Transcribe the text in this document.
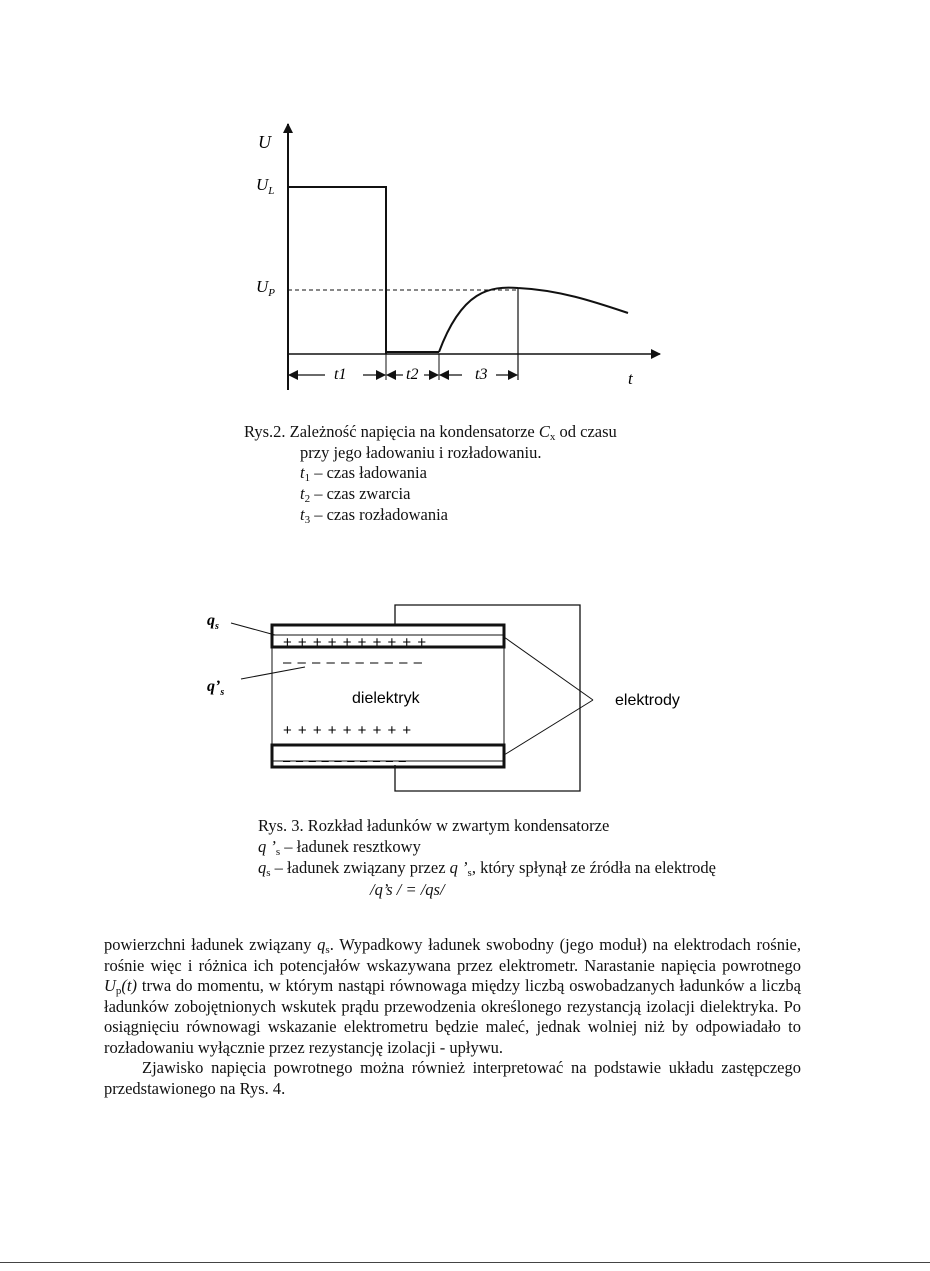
U
$U_L$
$U_P$
t1	t2	t3	t
Rys.2. Zależność napięcia na kondensatorze $C_x$ od czasu
przy jego ładowaniu i rozładowaniu.
$t_1$ – czas ładowania
$t_2$ – czas zwarcia
$t_3$ – czas rozładowania
+ + + + + + + + + +
– – – – – – – – – –
+ + + + + + + + +
– – – – – – – – – –
dielektryk	elektrody
$q_s$
$q’_s$
Rys. 3. Rozkład ładunków w zwartym kondensatorze
q $’_s$ – ładunek resztkowy
$q_s$ – ładunek związany przez q $’_s$, który spłynął ze źródła na elektrodę
/q’s / = /qs/

powierzchni ładunek związany $q_s$. Wypadkowy ładunek swobodny (jego moduł) na elektrodach rośnie, rośnie więc i różnica ich potencjałów wskazywana przez elektrometr. Narastanie napięcia powrotnego $U_p(t)$ trwa do momentu, w którym nastąpi równowaga między liczbą oswobadzanych ładunków a liczbą ładunków zobojętnionych wskutek prądu przewodzenia określonego rezystancją izolacji dielektryka. Po osiągnięciu równowagi wskazanie elektrometru będzie maleć, jednak wolniej niż by odpowiadało to rozładowaniu wyłącznie przez rezystancję izolacji - upływu.

Zjawisko napięcia powrotnego można również interpretować na podstawie układu zastępczego przedstawionego na Rys. 4.
